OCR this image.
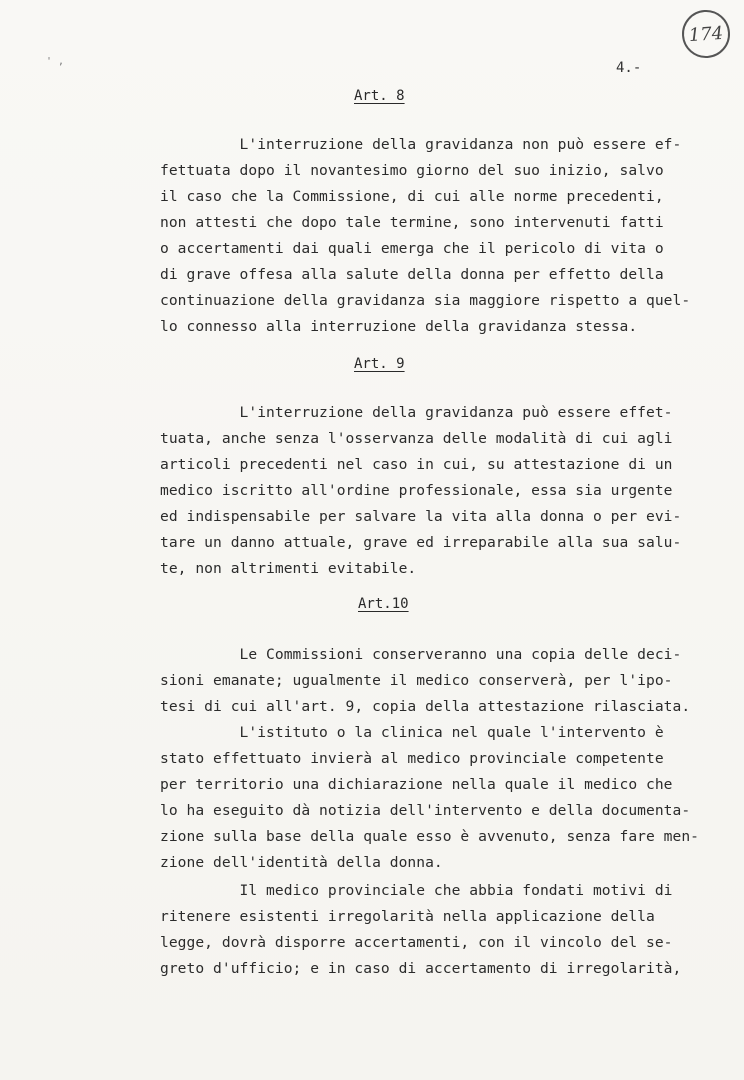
' ,
174
4.-
Art. 8
L'interruzione della gravidanza non può essere ef-
fettuata dopo il novantesimo giorno del suo inizio, salvo
il caso che la Commissione, di cui alle norme precedenti,
non attesti che dopo tale termine, sono intervenuti fatti
o accertamenti dai quali emerga che il pericolo di vita o
di grave offesa alla salute della donna per effetto della
continuazione della gravidanza sia maggiore rispetto a quel-
lo connesso alla interruzione della gravidanza stessa.
Art. 9
L'interruzione della gravidanza può essere effet-
tuata, anche senza l'osservanza delle modalità di cui agli
articoli precedenti nel caso in cui, su attestazione di un
medico iscritto all'ordine professionale, essa sia urgente
ed indispensabile per salvare la vita alla donna o per evi-
tare un danno attuale, grave ed irreparabile alla sua salu-
te, non altrimenti evitabile.
Art.10
Le Commissioni conserveranno una copia delle deci-
sioni emanate; ugualmente il medico conserverà, per l'ipo-
tesi di cui all'art. 9, copia della attestazione rilasciata.
L'istituto o la clinica nel quale l'intervento è
stato effettuato invierà al medico provinciale competente
per territorio una dichiarazione nella quale il medico che
lo ha eseguito dà notizia dell'intervento e della documenta-
zione sulla base della quale esso è avvenuto, senza fare men-
zione dell'identità della donna.
Il medico provinciale che abbia fondati motivi di
ritenere esistenti irregolarità nella applicazione della
legge, dovrà disporre accertamenti, con il vincolo del se-
greto d'ufficio; e in caso di accertamento di irregolarità,
